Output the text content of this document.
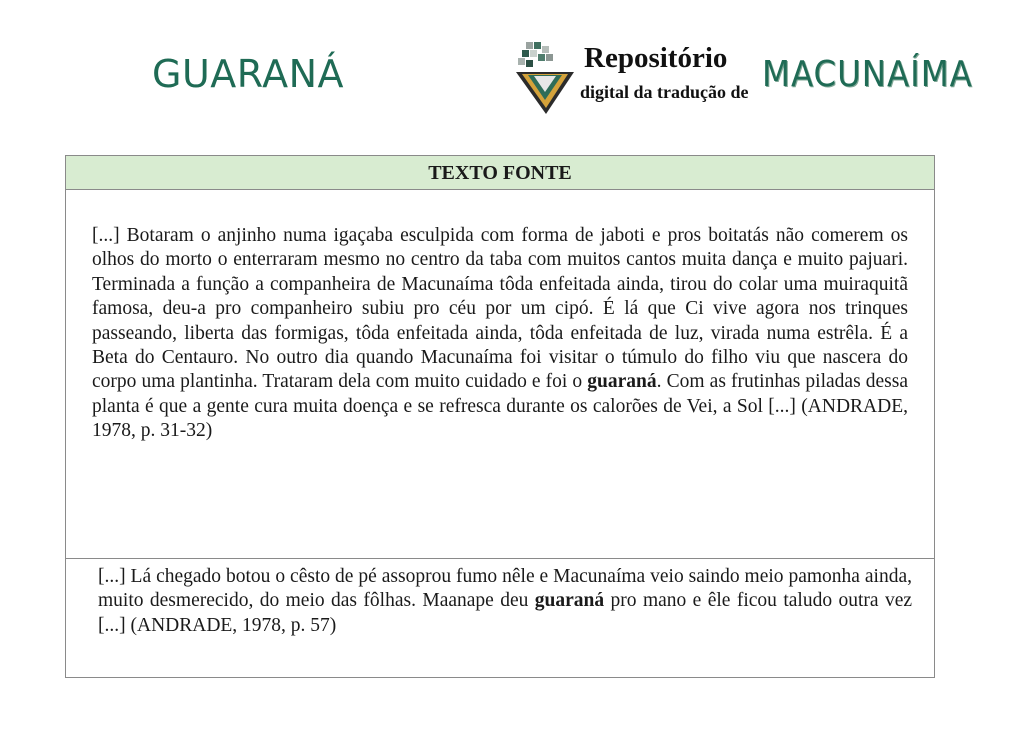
GUARANÁ	Repositório
digital da tradução de MACUNAÍMA
TEXTO FONTE

[...] Botaram o anjinho numa igaçaba esculpida com forma de jaboti e pros boitatás não comerem os olhos do morto o enterraram mesmo no centro da taba com muitos cantos muita dança e muito pajuari. Terminada a função a companheira de Macunaíma tôda enfeitada ainda, tirou do colar uma muiraquitã famosa, deu-a pro companheiro subiu pro céu por um cipó. É lá que Ci vive agora nos trinques passeando, liberta das formigas, tôda enfeitada ainda, tôda enfeitada de luz, virada numa estrêla. É a Beta do Centauro. No outro dia quando Macunaíma foi visitar o túmulo do filho viu que nascera do corpo uma plantinha. Trataram dela com muito cuidado e foi o guaraná. Com as frutinhas piladas dessa planta é que a gente cura muita doença e se refresca durante os calorões de Vei, a Sol [...] (ANDRADE, 1978, p. 31-32)

[...] Lá chegado botou o cêsto de pé assoprou fumo nêle e Macunaíma veio saindo meio pamonha ainda, muito desmerecido, do meio das fôlhas. Maanape deu guaraná pro mano e êle ficou taludo outra vez [...] (ANDRADE, 1978, p. 57)
